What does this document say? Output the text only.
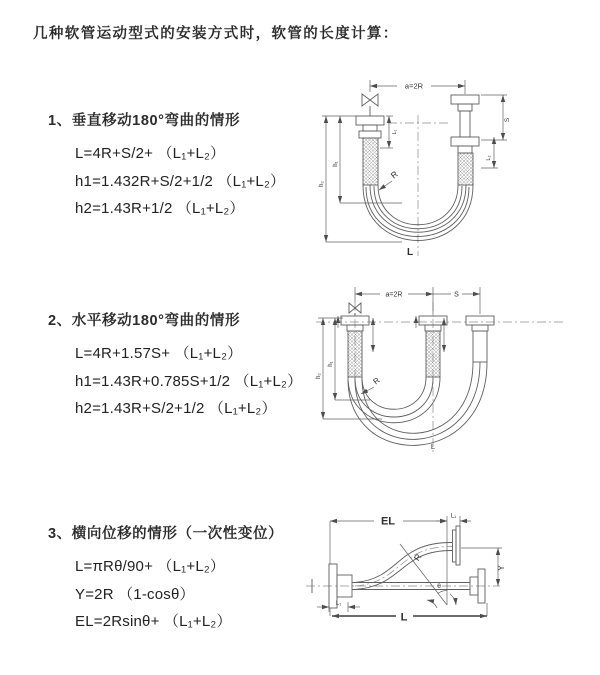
几种软管运动型式的安装方式时，软管的长度计算：
1、垂直移动180°弯曲的情形
L=4R+S/2+ （L₁+L₂）
h1=1.432R+S/2+1/2 （L₁+L₂）
h2=1.43R+1/2 （L₁+L₂）
2、水平移动180°弯曲的情形
L=4R+1.57S+ （L₁+L₂）
h1=1.43R+0.785S+1/2 （L₁+L₂）
h2=1.43R+S/2+1/2 （L₁+L₂）
3、横向位移的情形（一次性变位）
L=πRθ/90+ （L₁+L₂）
Y=2R （1-cosθ）
EL=2Rsinθ+ （L₁+L₂）
a=2R
S
L₂
L₁
h₁
h₂
R
L
a=2R	S
h₁
h₂	R
L
θ
R
EL	L₁
Y
L
L₁
